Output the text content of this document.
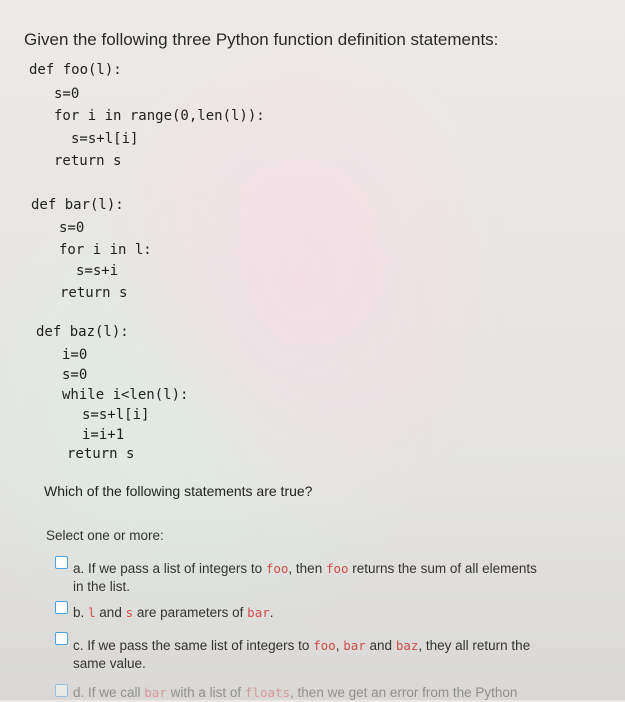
Given the following three Python function definition statements:
def foo(l):
s=0
for i in range(0,len(l)):
s=s+l[i]
return s
def bar(l):
s=0
for i in l:
s=s+i
return s
def baz(l):
i=0
s=0
while i<len(l):
s=s+l[i]
i=i+1
return s
Which of the following statements are true?
Select one or more:
a. If we pass a list of integers to foo, then foo returns the sum of all elements
in the list.
b. l and s are parameters of bar.
c. If we pass the same list of integers to foo, bar and baz, they all return the
same value.
d. If we call bar with a list of floats, then we get an error from the Python
